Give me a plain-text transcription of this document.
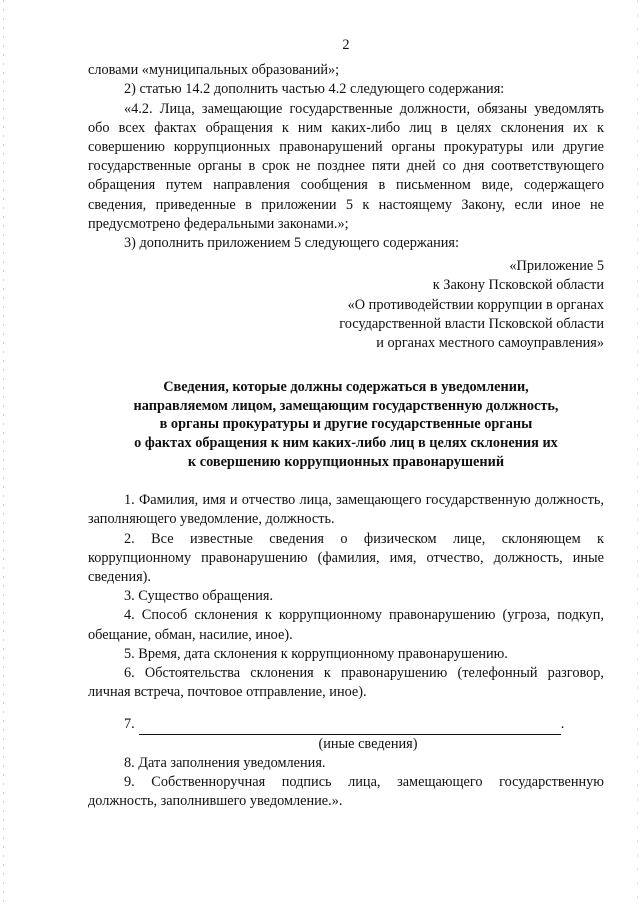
2

словами «муниципальных образований»;

2) статью 14.2 дополнить частью 4.2 следующего содержания:

«4.2. Лица, замещающие государственные должности, обязаны уведомлять обо всех фактах обращения к ним каких-либо лиц в целях склонения их к совершению коррупционных правонарушений органы прокуратуры или другие государственные органы в срок не позднее пяти дней со дня соответствующего обращения путем направления сообщения в письменном виде, содержащего сведения, приведенные в приложении 5 к настоящему Закону, если иное не предусмотрено федеральными законами.»;

3) дополнить приложением 5 следующего содержания:

«Приложение 5

к Закону Псковской области

«О противодействии коррупции в органах

государственной власти Псковской области

и органах местного самоуправления»

Сведения, которые должны содержаться в уведомлении,
направляемом лицом, замещающим государственную должность,
в органы прокуратуры и другие государственные органы
о фактах обращения к ним каких-либо лиц в целях склонения их
к совершению коррупционных правонарушений

1. Фамилия, имя и отчество лица, замещающего государственную должность, заполняющего уведомление, должность.

2. Все известные сведения о физическом лице, склоняющем к коррупционному правонарушению (фамилия, имя, отчество, должность, иные сведения).

3. Существо обращения.

4. Способ склонения к коррупционному правонарушению (угроза, подкуп, обещание, обман, насилие, иное).

5. Время, дата склонения к коррупционному правонарушению.

6. Обстоятельства склонения к правонарушению (телефонный разговор, личная встреча, почтовое отправление, иное).

7.	.

(иные сведения)

8. Дата заполнения уведомления.

9. Собственноручная подпись лица, замещающего государственную должность, заполнившего уведомление.».
